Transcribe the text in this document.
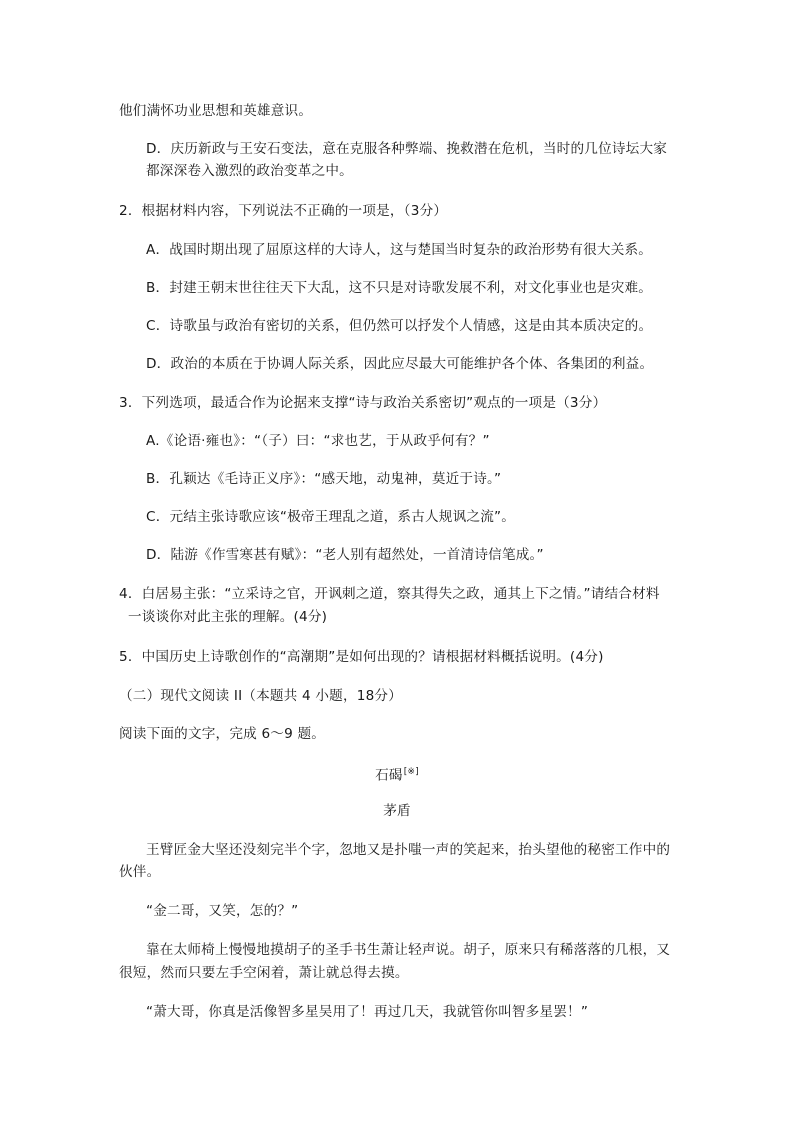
他们满怀功业思想和英雄意识。
D．庆历新政与王安石变法，意在克服各种弊端、挽救潜在危机，当时的几位诗坛大家
都深深卷入激烈的政治变革之中。
2．根据材料内容，下列说法不正确的一项是，（3分）
A．战国时期出现了屈原这样的大诗人，这与楚国当时复杂的政治形势有很大关系。
B．封建王朝末世往往天下大乱，这不只是对诗歌发展不利，对文化事业也是灾难。
C．诗歌虽与政治有密切的关系，但仍然可以抒发个人情感，这是由其本质决定的。
D．政治的本质在于协调人际关系，因此应尽最大可能维护各个体、各集团的利益。
3．下列选项，最适合作为论据来支撑“诗与政治关系密切”观点的一项是（3分）
A.《论语·雍也》：“（子）曰：“求也艺，于从政乎何有？”
B．孔颖达《毛诗正义序》：“感天地，动鬼神，莫近于诗。”
C．元结主张诗歌应该“极帝王理乱之道，系古人规讽之流”。
D．陆游《作雪寒甚有赋》：“老人别有超然处，一首清诗信笔成。”
4．白居易主张：“立采诗之官，开讽刺之道，察其得失之政，通其上下之情。”请结合材料
一谈谈你对此主张的理解。(4分)
5．中国历史上诗歌创作的“高潮期”是如何出现的？请根据材料概括说明。(4分)
（二）现代文阅读 II（本题共 4 小题，18分）
阅读下面的文字，完成 6～9 题。
石碣[※]
茅盾
王臂匠金大坚还没刻完半个字，忽地又是扑嗤一声的笑起来，抬头望他的秘密工作中的
伙伴。
“金二哥，又笑，怎的？”
靠在太师椅上慢慢地摸胡子的圣手书生萧让轻声说。胡子，原来只有稀落落的几根，又
很短，然而只要左手空闲着，萧让就总得去摸。
“萧大哥，你真是活像智多星吴用了！再过几天，我就管你叫智多星罢！”
